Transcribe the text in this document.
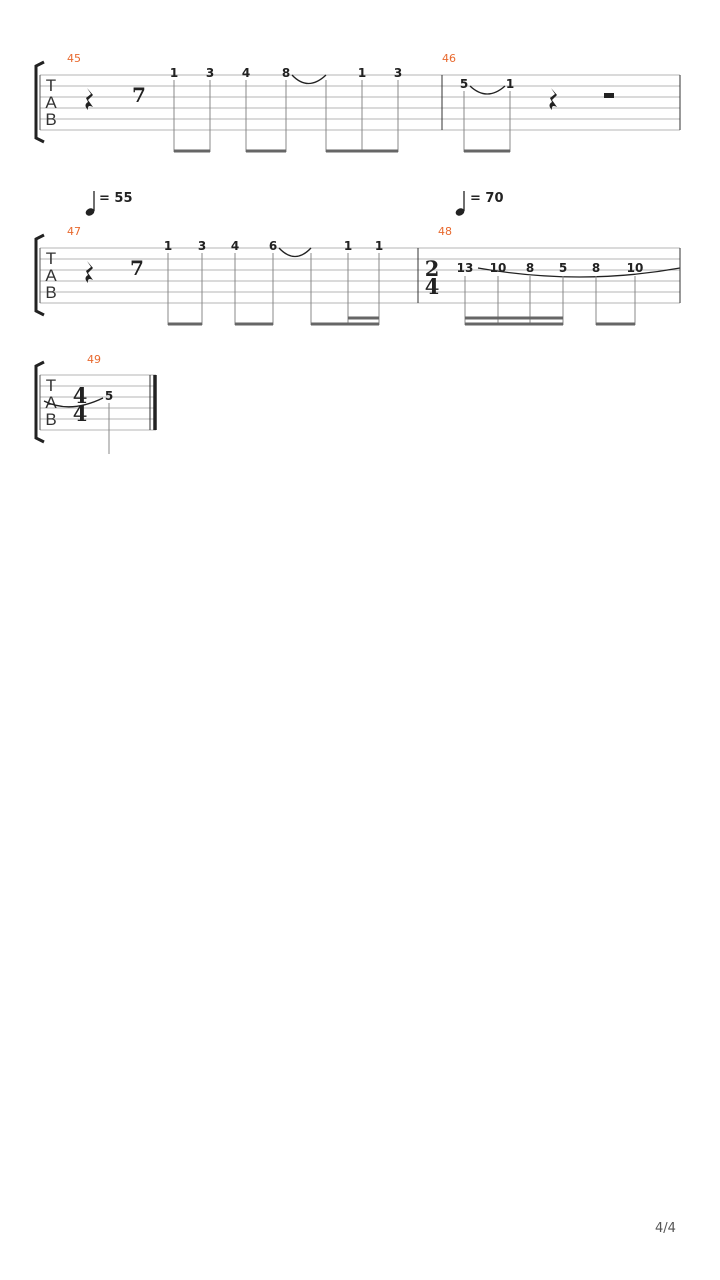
T
A
B
45
7
1 3 4	8	1 3
46
5	1
= 55	= 70
T
A
B
47
7
1 3 4 6	1 1
48
2
4
13 10 8 5 8 10
T
A
B
49
4
4
5
4/4
